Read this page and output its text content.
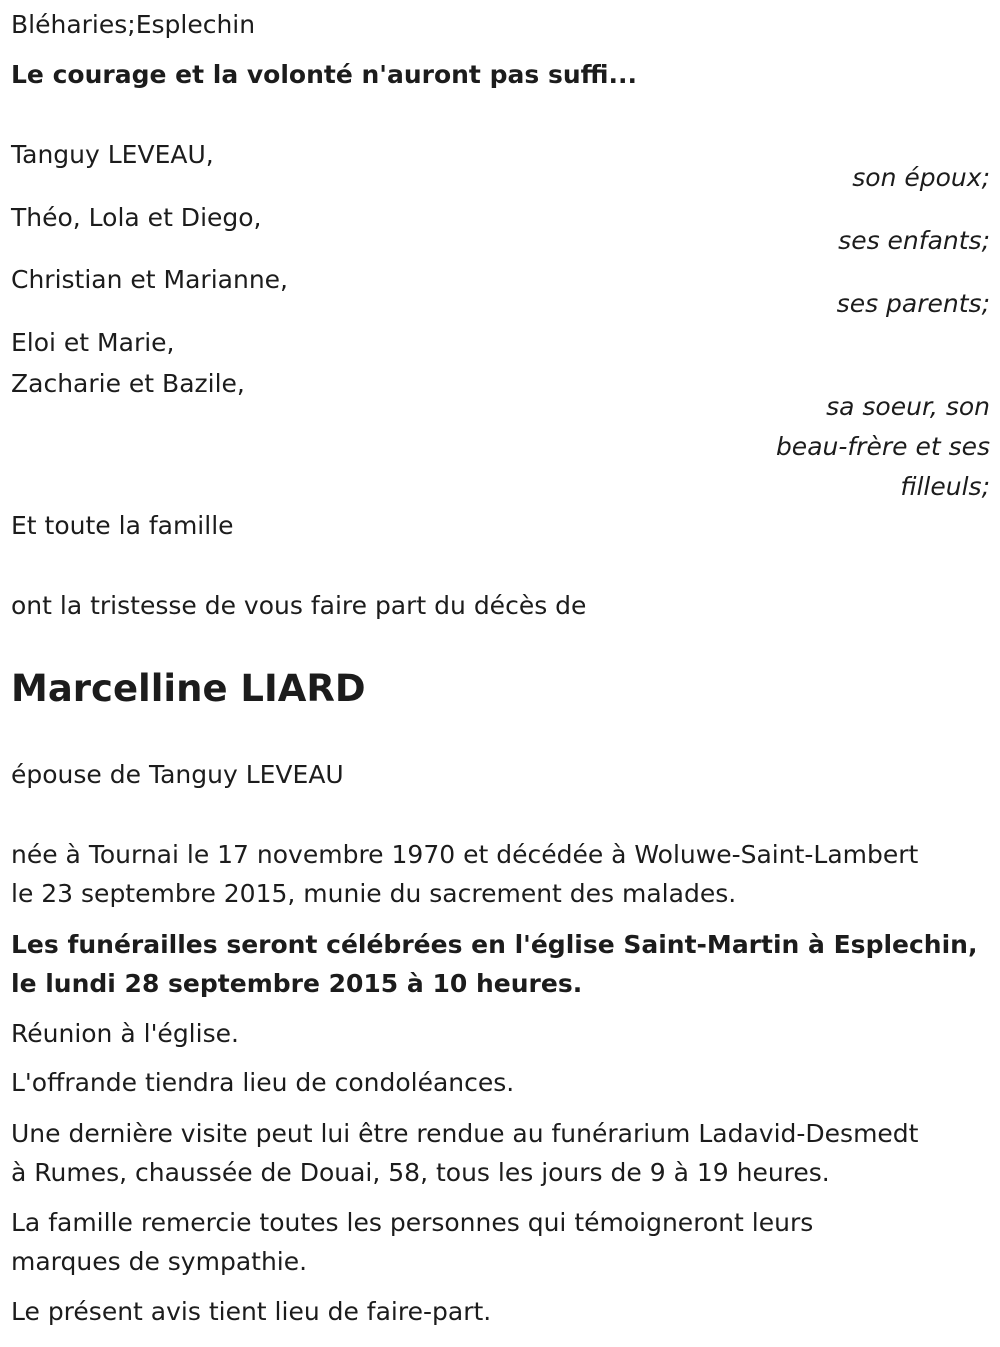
Bléharies;Esplechin
Le courage et la volonté n'auront pas suffi...
Tanguy LEVEAU,
son époux;
Théo, Lola et Diego,
ses enfants;
Christian et Marianne,
ses parents;
Eloi et Marie,
Zacharie et Bazile,
sa soeur, son
beau-frère et ses
filleuls;
Et toute la famille
ont la tristesse de vous faire part du décès de
Marcelline LIARD
épouse de Tanguy LEVEAU
née à Tournai le 17 novembre 1970 et décédée à Woluwe-Saint-Lambert
le 23 septembre 2015, munie du sacrement des malades.
Les funérailles seront célébrées en l'église Saint-Martin à Esplechin,
le lundi 28 septembre 2015 à 10 heures.
Réunion à l'église.
L'offrande tiendra lieu de condoléances.
Une dernière visite peut lui être rendue au funérarium Ladavid-Desmedt
à Rumes, chaussée de Douai, 58, tous les jours de 9 à 19 heures.
La famille remercie toutes les personnes qui témoigneront leurs
marques de sympathie.
Le présent avis tient lieu de faire-part.
